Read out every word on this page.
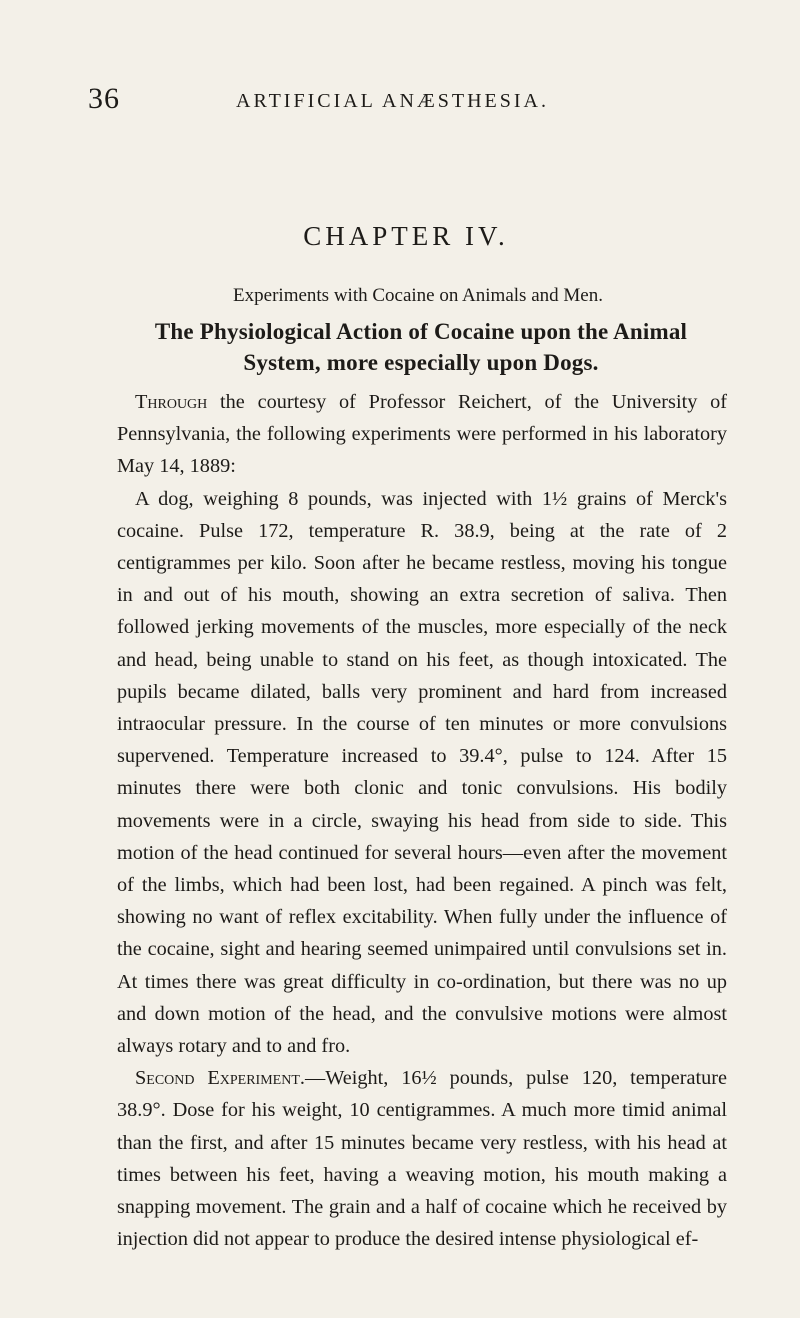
36	ARTIFICIAL ANÆSTHESIA.
CHAPTER IV.
Experiments with Cocaine on Animals and Men.
The Physiological Action of Cocaine upon the Animal System, more especially upon Dogs.

Through the courtesy of Professor Reichert, of the University of Pennsylvania, the following experiments were performed in his laboratory May 14, 1889:

A dog, weighing 8 pounds, was injected with 1½ grains of Merck's cocaine. Pulse 172, temperature R. 38.9, being at the rate of 2 centigrammes per kilo. Soon after he became restless, moving his tongue in and out of his mouth, showing an extra secretion of saliva. Then followed jerking movements of the muscles, more especially of the neck and head, being unable to stand on his feet, as though intoxicated. The pupils became dilated, balls very prominent and hard from increased intraocular pressure. In the course of ten minutes or more convulsions supervened. Temperature increased to 39.4°, pulse to 124. After 15 minutes there were both clonic and tonic convulsions. His bodily movements were in a circle, swaying his head from side to side. This motion of the head continued for several hours—even after the movement of the limbs, which had been lost, had been regained. A pinch was felt, showing no want of reflex excitability. When fully under the influence of the cocaine, sight and hearing seemed unimpaired until convulsions set in. At times there was great difficulty in co-ordination, but there was no up and down motion of the head, and the convulsive motions were almost always rotary and to and fro.

Second Experiment.—Weight, 16½ pounds, pulse 120, temperature 38.9°. Dose for his weight, 10 centigrammes. A much more timid animal than the first, and after 15 minutes became very restless, with his head at times between his feet, having a weaving motion, his mouth making a snapping movement. The grain and a half of cocaine which he received by injection did not appear to produce the desired intense physiological ef-
